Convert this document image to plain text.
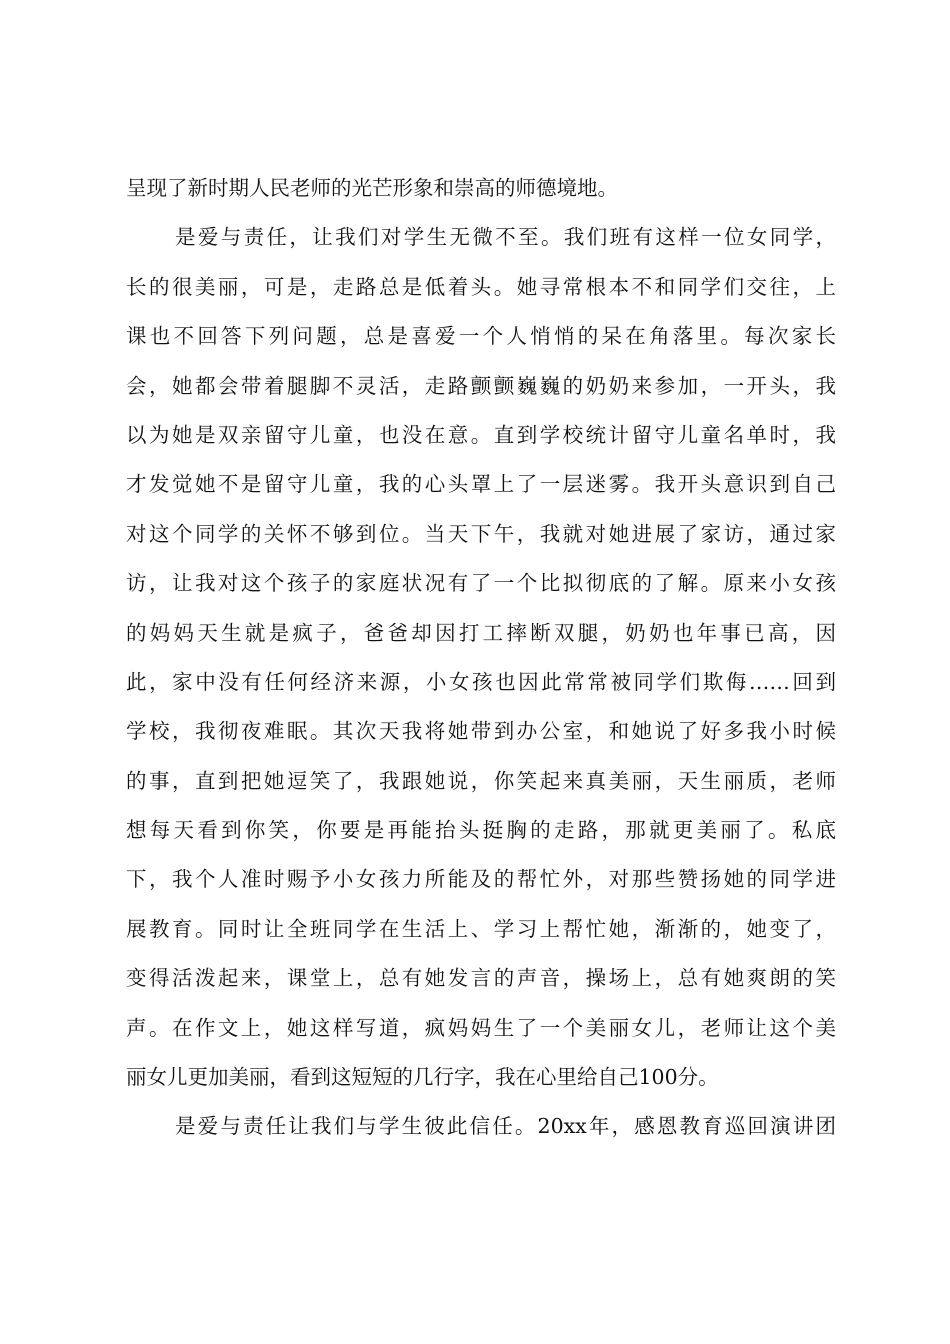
呈现了新时期人民老师的光芒形象和崇高的师德境地。
是爱与责任，让我们对学生无微不至。我们班有这样一位女同学，
长的很美丽，可是，走路总是低着头。她寻常根本不和同学们交往，上
课也不回答下列问题，总是喜爱一个人悄悄的呆在角落里。每次家长
会，她都会带着腿脚不灵活，走路颤颤巍巍的奶奶来参加，一开头，我
以为她是双亲留守儿童，也没在意。直到学校统计留守儿童名单时，我
才发觉她不是留守儿童，我的心头罩上了一层迷雾。我开头意识到自己
对这个同学的关怀不够到位。当天下午，我就对她进展了家访，通过家
访，让我对这个孩子的家庭状况有了一个比拟彻底的了解。原来小女孩
的妈妈天生就是疯子，爸爸却因打工摔断双腿，奶奶也年事已高，因
此，家中没有任何经济来源，小女孩也因此常常被同学们欺侮……回到
学校，我彻夜难眠。其次天我将她带到办公室，和她说了好多我小时候
的事，直到把她逗笑了，我跟她说，你笑起来真美丽，天生丽质，老师
想每天看到你笑，你要是再能抬头挺胸的走路，那就更美丽了。私底
下，我个人准时赐予小女孩力所能及的帮忙外，对那些赞扬她的同学进
展教育。同时让全班同学在生活上、学习上帮忙她，渐渐的，她变了，
变得活泼起来，课堂上，总有她发言的声音，操场上，总有她爽朗的笑
声。在作文上，她这样写道，疯妈妈生了一个美丽女儿，老师让这个美
丽女儿更加美丽，看到这短短的几行字，我在心里给自己100分。
是爱与责任让我们与学生彼此信任。20xx年，感恩教育巡回演讲团
